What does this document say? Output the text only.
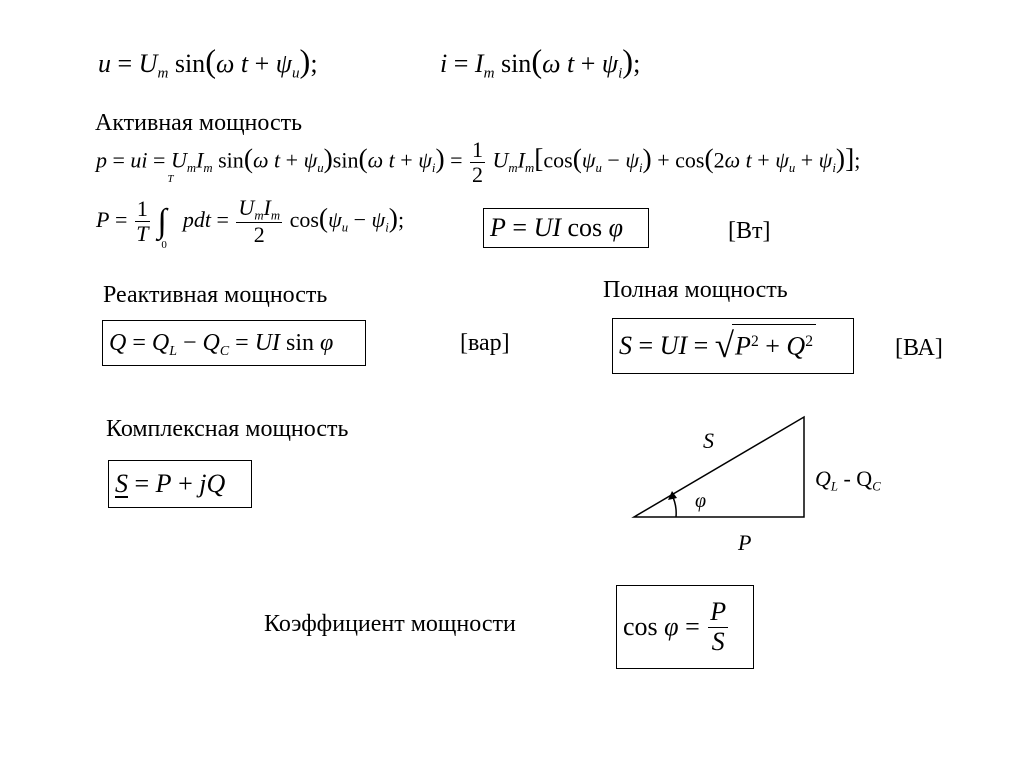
$u = U_m$ sin(ω $t + \psi_u$);	$i = I_m$ sin(ω $t + \psi_i$);
Активная мощность
p = ui = $U_mI_m$ sin(ω $t + \psi_u)\sin(\omega$ $t + \psi_i) = \frac{1}{2} U_mI_m[\cos(\psi_u - \psi_i) + \cos(2\omega$ $t + \psi_u + \psi_i$)];
$P = \frac{1}{T}$

T
∫
0
pdt = $\frac{U_mI_m}{2} \cos(\psi_u - \psi_i)$;	P = UI cos φ	[Вт]
Реактивная мощность	Полная мощность
$Q = Q_L - Q_C$ = UI sin φ	[вар]	S = UI = $√P^2 + Q^2$	[ВА]
Комплексная мощность
S = P + jQ
S
φ
P
$Q_L - Q_C$
Коэффициент мощности	$\cos \varphi = \frac{P}{S}$
